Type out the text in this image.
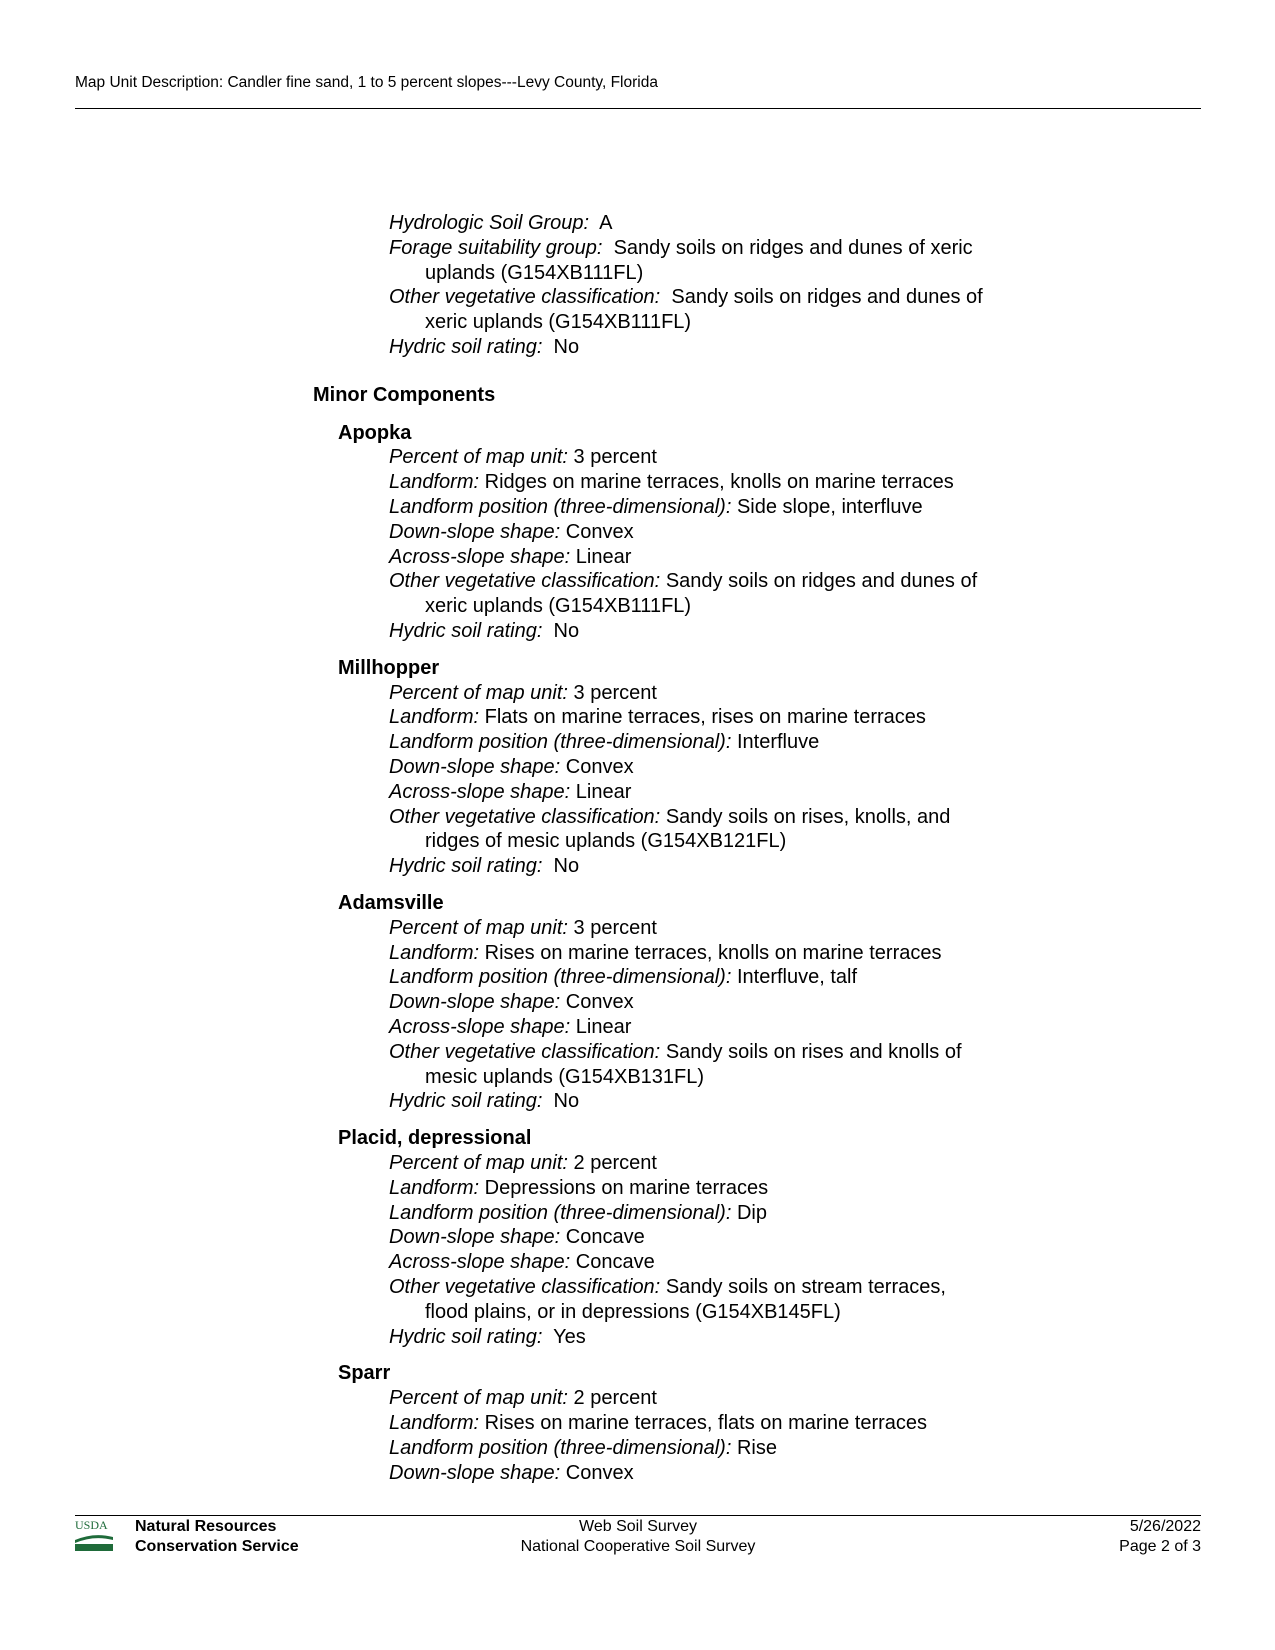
Map Unit Description: Candler fine sand, 1 to 5 percent slopes---Levy County, Florida
Hydrologic Soil Group: A
Forage suitability group: Sandy soils on ridges and dunes of xeric
uplands (G154XB111FL)
Other vegetative classification: Sandy soils on ridges and dunes of
xeric uplands (G154XB111FL)
Hydric soil rating: No
Minor Components
Apopka
Percent of map unit: 3 percent
Landform: Ridges on marine terraces, knolls on marine terraces
Landform position (three-dimensional): Side slope, interfluve
Down-slope shape: Convex
Across-slope shape: Linear
Other vegetative classification: Sandy soils on ridges and dunes of
xeric uplands (G154XB111FL)
Hydric soil rating: No
Millhopper
Percent of map unit: 3 percent
Landform: Flats on marine terraces, rises on marine terraces
Landform position (three-dimensional): Interfluve
Down-slope shape: Convex
Across-slope shape: Linear
Other vegetative classification: Sandy soils on rises, knolls, and
ridges of mesic uplands (G154XB121FL)
Hydric soil rating: No
Adamsville
Percent of map unit: 3 percent
Landform: Rises on marine terraces, knolls on marine terraces
Landform position (three-dimensional): Interfluve, talf
Down-slope shape: Convex
Across-slope shape: Linear
Other vegetative classification: Sandy soils on rises and knolls of
mesic uplands (G154XB131FL)
Hydric soil rating: No
Placid, depressional
Percent of map unit: 2 percent
Landform: Depressions on marine terraces
Landform position (three-dimensional): Dip
Down-slope shape: Concave
Across-slope shape: Concave
Other vegetative classification: Sandy soils on stream terraces,
flood plains, or in depressions (G154XB145FL)
Hydric soil rating: Yes
Sparr
Percent of map unit: 2 percent
Landform: Rises on marine terraces, flats on marine terraces
Landform position (three-dimensional): Rise
Down-slope shape: Convex
USDA Natural Resources
Conservation Service
Web Soil Survey
National Cooperative Soil Survey
5/26/2022
Page 2 of 3
